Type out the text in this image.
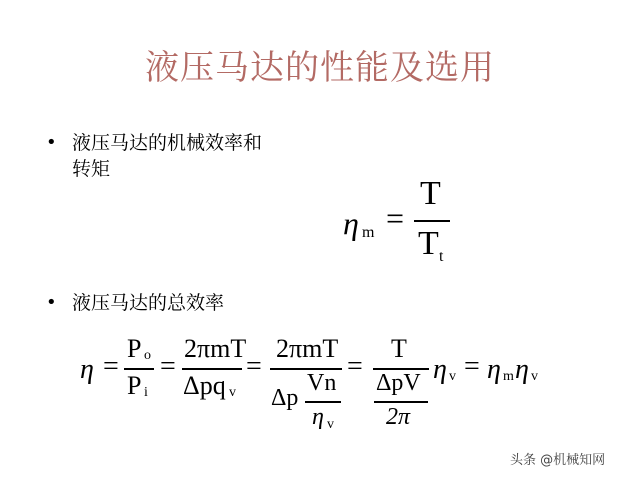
液压马达的性能及选用
• 液压马达的机械效率和
转矩
η m =
T
T t
• 液压马达的总效率
η =
P o
P i
=
2πmT
Δpq v
=
2πmT
Δp
Vn
η v
=
T
ΔpV
2π
η v = η m η v
头条 @机械知网
